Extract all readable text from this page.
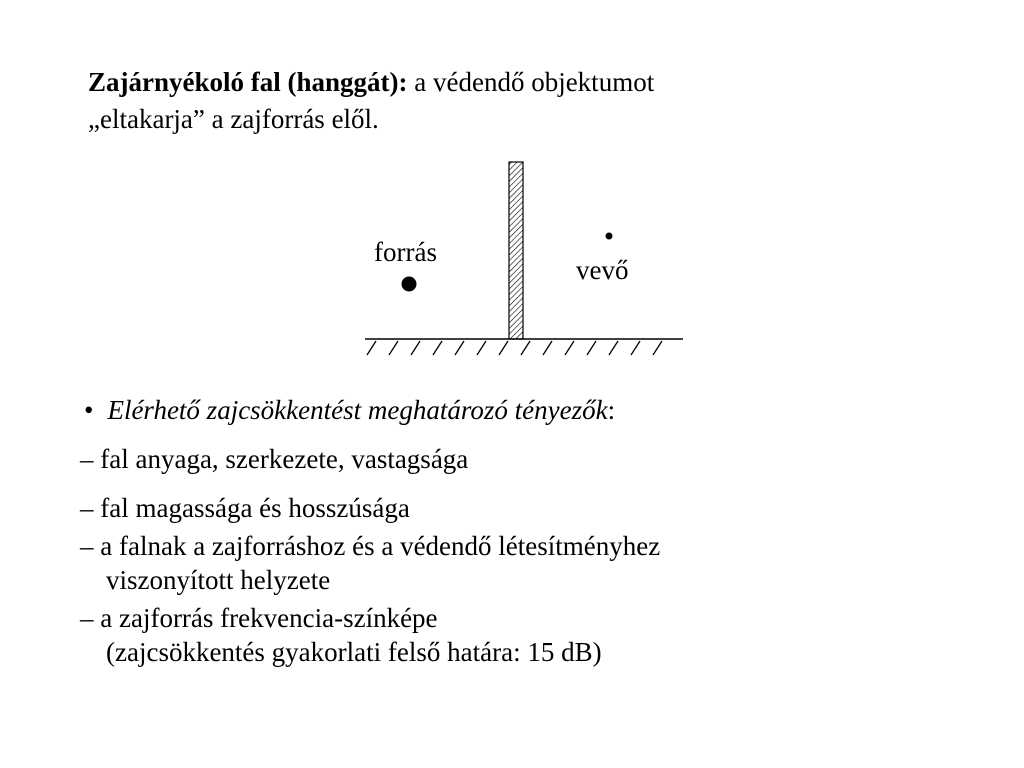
Zajárnyékoló fal (hanggát): a védendő objektumot
„eltakarja” a zajforrás elől.
forrás
vevő
• Elérhető zajcsökkentést meghatározó tényezők:
– fal anyaga, szerkezete, vastagsága
– fal magassága és hosszúsága
– a falnak a zajforráshoz és a védendő létesítményhez
viszonyított helyzete
– a zajforrás frekvencia-színképe
(zajcsökkentés gyakorlati felső határa: 15 dB)
